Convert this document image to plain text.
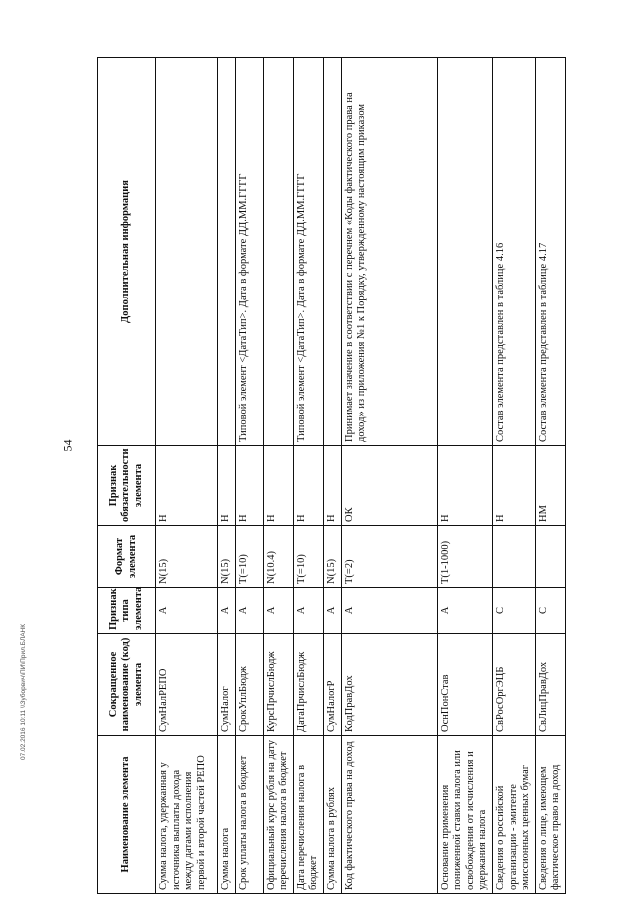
54
Наименование элемента	Сокращенное наименование (код) элемента	Признак типа элемента	Формат элемента	Признак обязательности элемента	Дополнительная информация
Сумма налога, удержанная у источника выплаты дохода между датами исполнения первой и второй частей РЕПО	СумНалРЕПО	А	N(15)	Н	
Сумма налога	СумНалог	А	N(15)	Н	
Срок уплаты налога в бюджет	СрокУплБюдж	А	T(=10)	Н	Типовой элемент <ДатаТип>. Дата в формате ДД.ММ.ГГГГ
Официальный курс рубля на дату перечисления налога в бюджет	КурсПрчислБюдж	А	N(10.4)	Н	
Дата перечисления налога в бюджет	ДатаПрчислБюдж	А	T(=10)	Н	Типовой элемент <ДатаТип>. Дата в формате ДД.ММ.ГГГГ
Сумма налога в рублях	СумНалогР	А	N(15)	Н	
Код фактического права на доход	КодПравДох	А	T(=2)	ОК	Принимает значение в соответствии с перечнем «Коды фактического права на доход» из приложения №1 к Порядку, утвержденному настоящим приказом
Основание применения пониженной ставки налога или освобождения от исчисления и удержания налога	ОснПонСтав	А	T(1-1000)	Н	
Сведения о российской организации - эмитенте эмиссионных ценных бумаг	СвРосОргЭЦБ	С		Н	Состав элемента представлен в таблице 4.16
Сведения о лице, имеющем фактическое право на доход	СвЛицПравДох	С		НМ	Состав элемента представлен в таблице 4.17
07.02.2016 10:11 \\Зуборвич\ПИ\Прил.БЛАНК
